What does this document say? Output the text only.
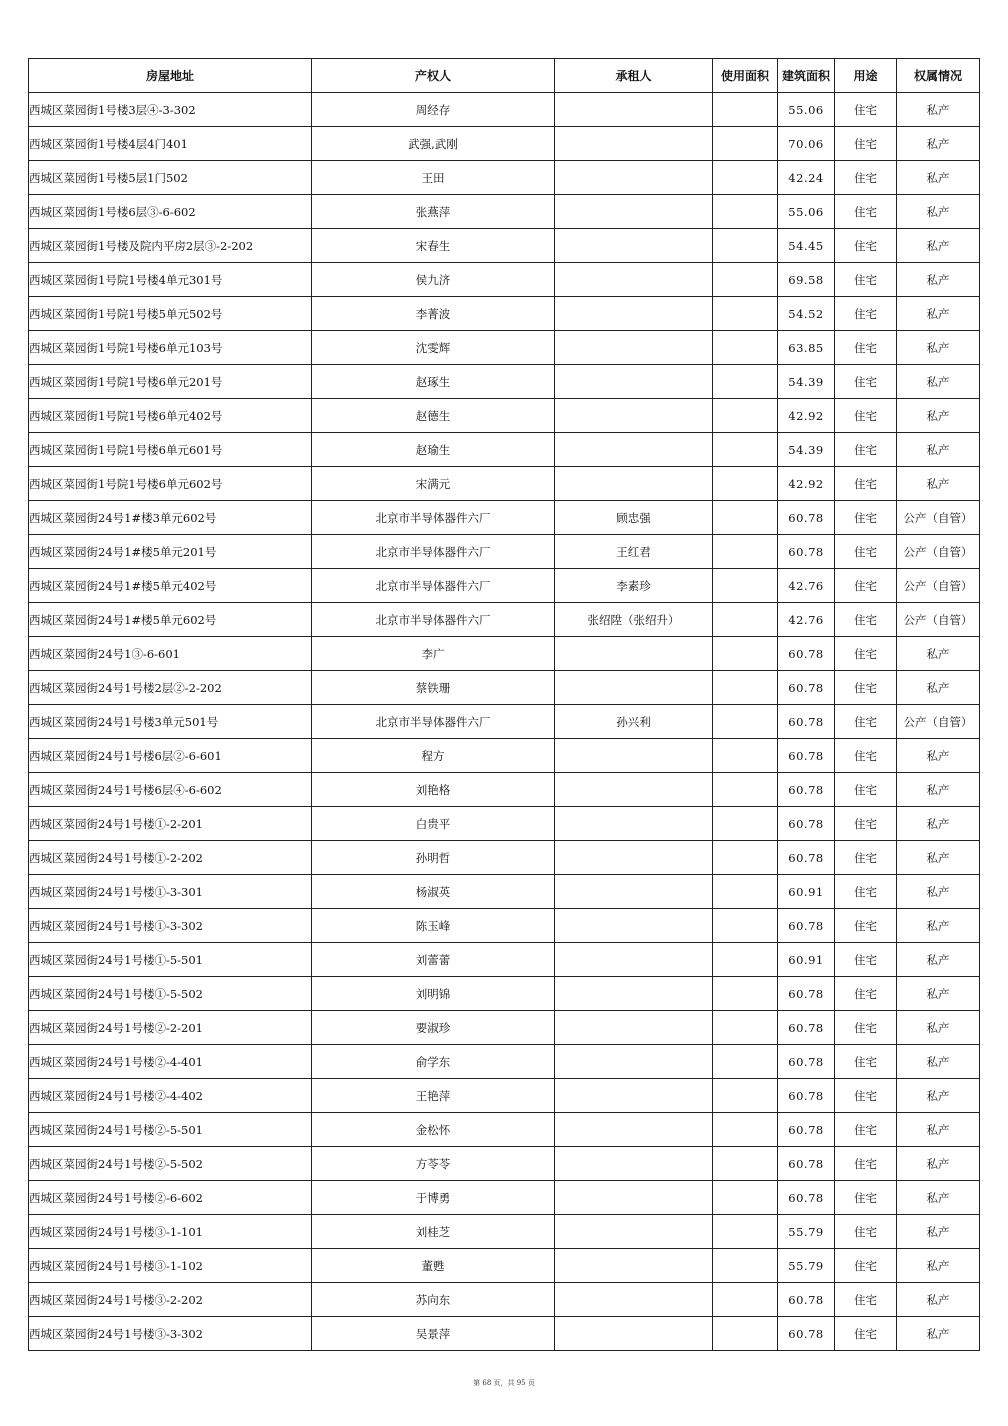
房屋地址	产权人	承租人	使用面积	建筑面积	用途	权属情况
西城区菜园街1号楼3层④-3-302	周经存			55.06	住宅	私产
西城区菜园街1号楼4层4门401	武强,武刚			70.06	住宅	私产
西城区菜园街1号楼5层1门502	王田			42.24	住宅	私产
西城区菜园街1号楼6层③-6-602	张燕萍			55.06	住宅	私产
西城区菜园街1号楼及院内平房2层③-2-202	宋春生			54.45	住宅	私产
西城区菜园街1号院1号楼4单元301号	侯九济			69.58	住宅	私产
西城区菜园街1号院1号楼5单元502号	李菁波			54.52	住宅	私产
西城区菜园街1号院1号楼6单元103号	沈雯辉			63.85	住宅	私产
西城区菜园街1号院1号楼6单元201号	赵琢生			54.39	住宅	私产
西城区菜园街1号院1号楼6单元402号	赵德生			42.92	住宅	私产
西城区菜园街1号院1号楼6单元601号	赵瑜生			54.39	住宅	私产
西城区菜园街1号院1号楼6单元602号	宋满元			42.92	住宅	私产
西城区菜园街24号1#楼3单元602号	北京市半导体器件六厂	顾忠强		60.78	住宅	公产（自管）
西城区菜园街24号1#楼5单元201号	北京市半导体器件六厂	王红君		60.78	住宅	公产（自管）
西城区菜园街24号1#楼5单元402号	北京市半导体器件六厂	李素珍		42.76	住宅	公产（自管）
西城区菜园街24号1#楼5单元602号	北京市半导体器件六厂	张绍陞（张绍升）		42.76	住宅	公产（自管）
西城区菜园街24号1③-6-601	李广			60.78	住宅	私产
西城区菜园街24号1号楼2层②-2-202	蔡铁珊			60.78	住宅	私产
西城区菜园街24号1号楼3单元501号	北京市半导体器件六厂	孙兴利		60.78	住宅	公产（自管）
西城区菜园街24号1号楼6层②-6-601	程方			60.78	住宅	私产
西城区菜园街24号1号楼6层④-6-602	刘艳格			60.78	住宅	私产
西城区菜园街24号1号楼①-2-201	白贵平			60.78	住宅	私产
西城区菜园街24号1号楼①-2-202	孙明哲			60.78	住宅	私产
西城区菜园街24号1号楼①-3-301	杨淑英			60.91	住宅	私产
西城区菜园街24号1号楼①-3-302	陈玉峰			60.78	住宅	私产
西城区菜园街24号1号楼①-5-501	刘蕾蕾			60.91	住宅	私产
西城区菜园街24号1号楼①-5-502	刘明锦			60.78	住宅	私产
西城区菜园街24号1号楼②-2-201	要淑珍			60.78	住宅	私产
西城区菜园街24号1号楼②-4-401	俞学东			60.78	住宅	私产
西城区菜园街24号1号楼②-4-402	王艳萍			60.78	住宅	私产
西城区菜园街24号1号楼②-5-501	金松怀			60.78	住宅	私产
西城区菜园街24号1号楼②-5-502	方苓苓			60.78	住宅	私产
西城区菜园街24号1号楼②-6-602	于博勇			60.78	住宅	私产
西城区菜园街24号1号楼③-1-101	刘桂芝			55.79	住宅	私产
西城区菜园街24号1号楼③-1-102	董甦			55.79	住宅	私产
西城区菜园街24号1号楼③-2-202	苏向东			60.78	住宅	私产
西城区菜园街24号1号楼③-3-302	吴景萍			60.78	住宅	私产
第 68 页，共 95 页
